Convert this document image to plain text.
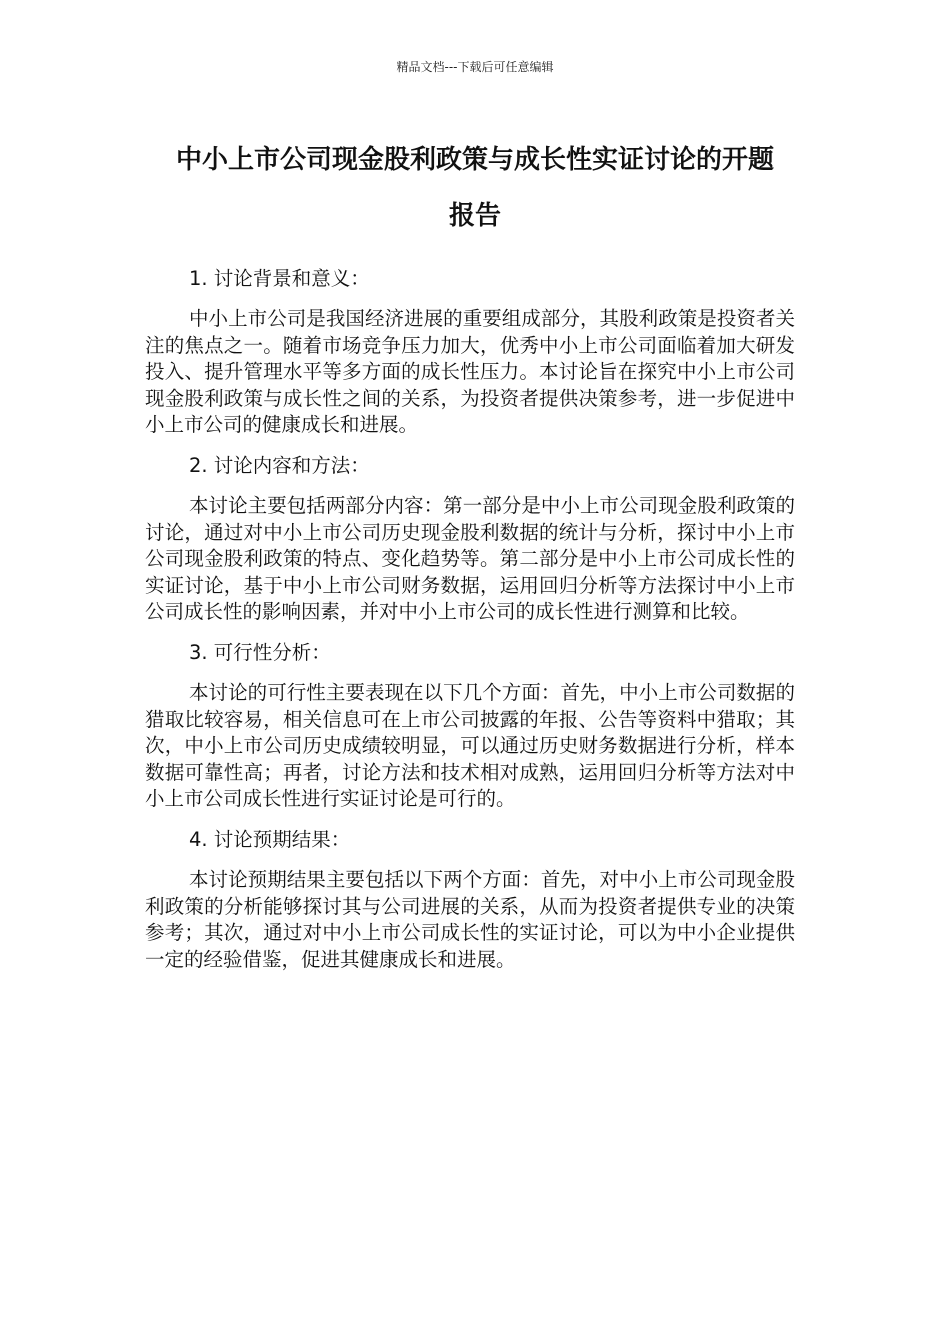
精品文档---下载后可任意编辑
中小上市公司现金股利政策与成长性实证讨论的开题
报告

1. 讨论背景和意义：

中小上市公司是我国经济进展的重要组成部分，其股利政策是投资者关注的焦点之一。随着市场竞争压力加大，优秀中小上市公司面临着加大研发投入、提升管理水平等多方面的成长性压力。本讨论旨在探究中小上市公司现金股利政策与成长性之间的关系，为投资者提供决策参考，进一步促进中小上市公司的健康成长和进展。

2. 讨论内容和方法：

本讨论主要包括两部分内容：第一部分是中小上市公司现金股利政策的讨论，通过对中小上市公司历史现金股利数据的统计与分析，探讨中小上市公司现金股利政策的特点、变化趋势等。第二部分是中小上市公司成长性的实证讨论，基于中小上市公司财务数据，运用回归分析等方法探讨中小上市公司成长性的影响因素，并对中小上市公司的成长性进行测算和比较。

3. 可行性分析：

本讨论的可行性主要表现在以下几个方面：首先，中小上市公司数据的猎取比较容易，相关信息可在上市公司披露的年报、公告等资料中猎取；其次，中小上市公司历史成绩较明显，可以通过历史财务数据进行分析，样本数据可靠性高；再者，讨论方法和技术相对成熟，运用回归分析等方法对中小上市公司成长性进行实证讨论是可行的。

4. 讨论预期结果：

本讨论预期结果主要包括以下两个方面：首先，对中小上市公司现金股利政策的分析能够探讨其与公司进展的关系，从而为投资者提供专业的决策参考；其次，通过对中小上市公司成长性的实证讨论，可以为中小企业提供一定的经验借鉴，促进其健康成长和进展。
